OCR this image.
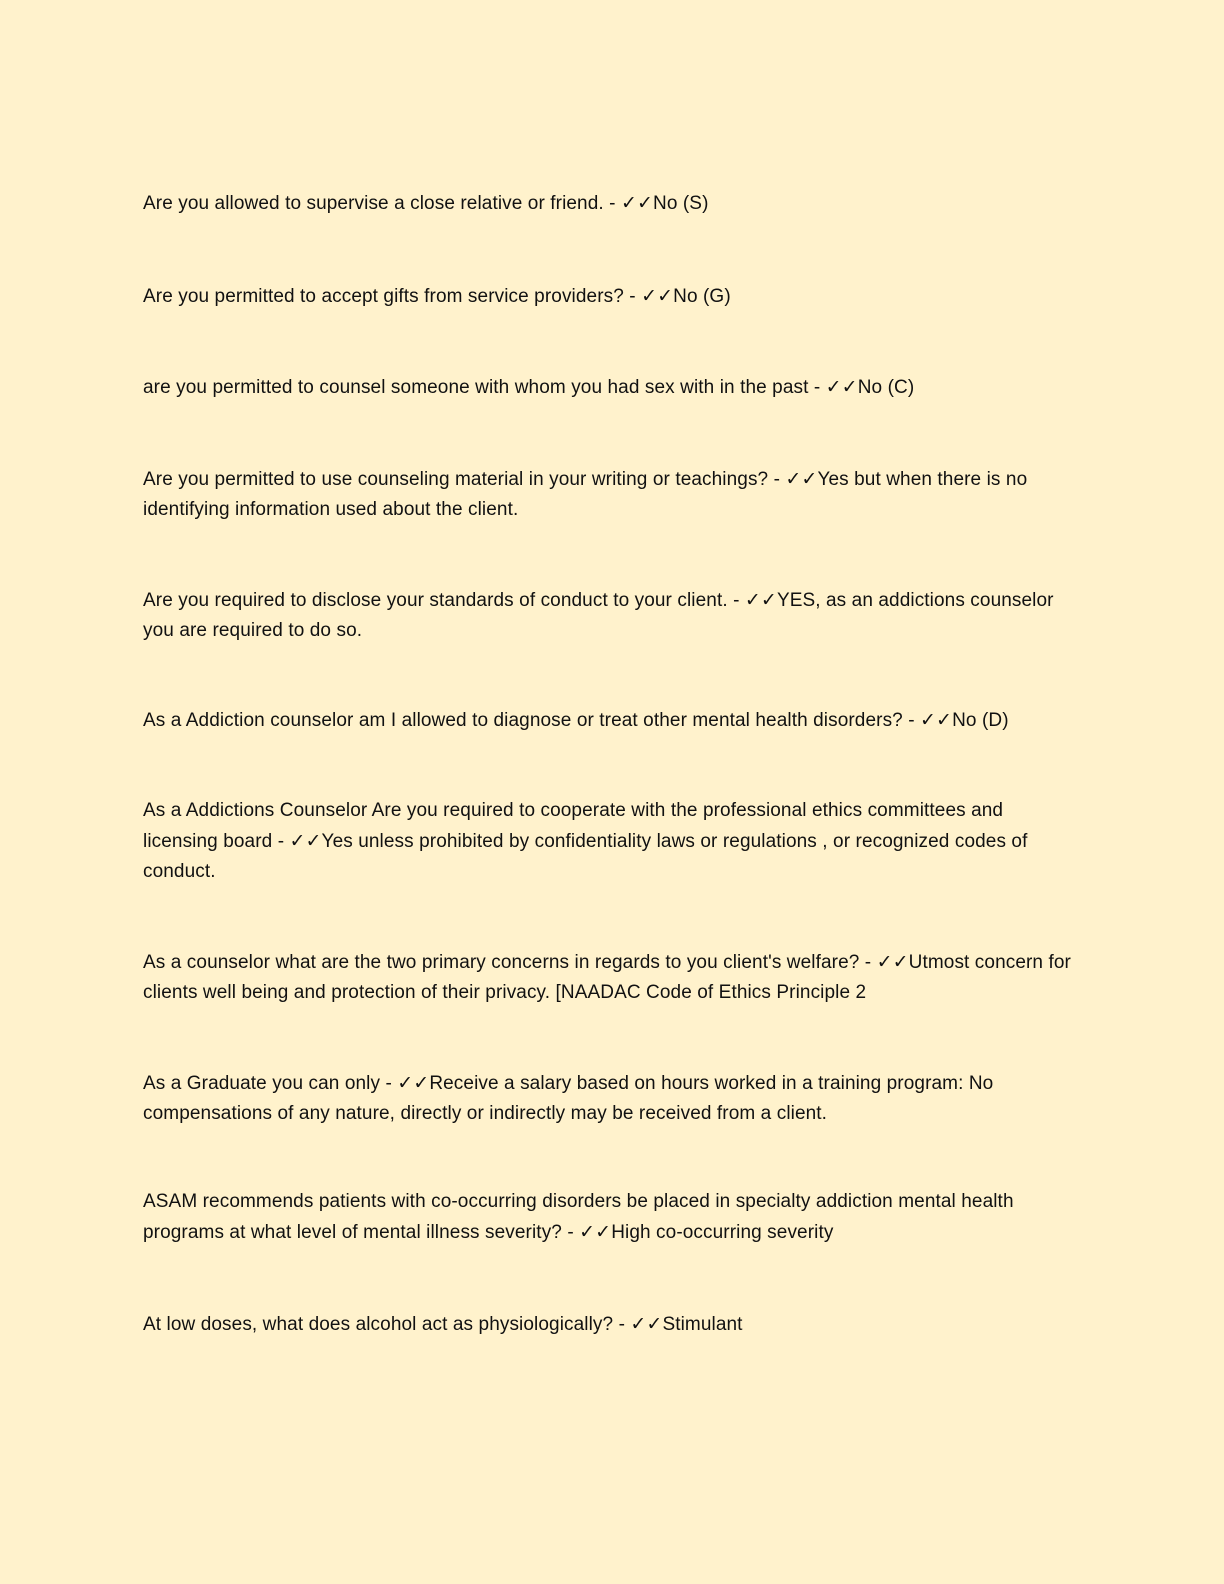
Are you allowed to supervise a close relative or friend. - ✓✓No (S)

Are you permitted to accept gifts from service providers? - ✓✓No (G)

are you permitted to counsel someone with whom you had sex with in the past - ✓✓No (C)

Are you permitted to use counseling material in your writing or teachings? - ✓✓Yes but when there is no identifying information used about the client.

Are you required to disclose your standards of conduct to your client. - ✓✓YES, as an addictions counselor you are required to do so.

As a Addiction counselor am I allowed to diagnose or treat other mental health disorders? - ✓✓No (D)

As a Addictions Counselor Are you required to cooperate with the professional ethics committees and licensing board - ✓✓Yes unless prohibited by confidentiality laws or regulations , or recognized codes of conduct.

As a counselor what are the two primary concerns in regards to you client's welfare? - ✓✓Utmost concern for clients well being and protection of their privacy. [NAADAC Code of Ethics Principle 2

As a Graduate you can only - ✓✓Receive a salary based on hours worked in a training program: No compensations of any nature, directly or indirectly may be received from a client.

ASAM recommends patients with co-occurring disorders be placed in specialty addiction mental health programs at what level of mental illness severity? - ✓✓High co-occurring severity

At low doses, what does alcohol act as physiologically? - ✓✓Stimulant
